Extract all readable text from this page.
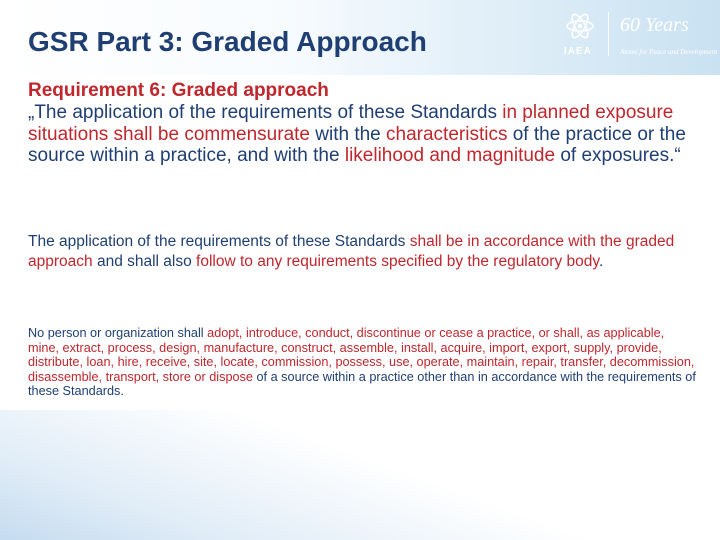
GSR Part 3: Graded Approach	IAEA
60 Years
Atoms for Peace and Development
Requirement 6: Graded approach

„The application of the requirements of these Standards in planned exposure situations shall be commensurate with the characteristics of the practice or the source within a practice, and with the likelihood and magnitude of exposures.“

The application of the requirements of these Standards shall be in accordance with the graded approach and shall also follow to any requirements specified by the regulatory body.

No person or organization shall adopt, introduce, conduct, discontinue or cease a practice, or shall, as applicable, mine, extract, process, design, manufacture, construct, assemble, install, acquire, import, export, supply, provide, distribute, loan, hire, receive, site, locate, commission, possess, use, operate, maintain, repair, transfer, decommission, disassemble, transport, store or dispose of a source within a practice other than in accordance with the requirements of these Standards.
